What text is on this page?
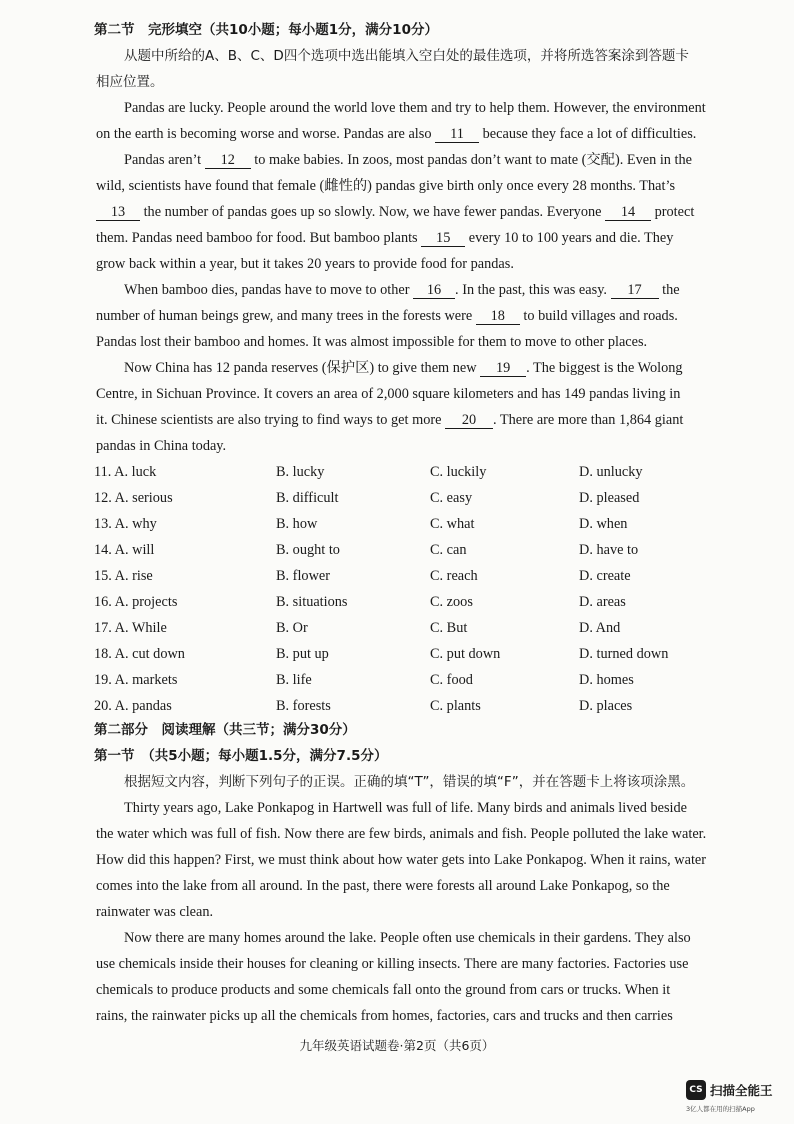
第二节　完形填空（共10小题；每小题1分，满分10分）
从题中所给的A、B、C、D四个选项中选出能填入空白处的最佳选项，并将所选答案涂到答题卡
相应位置。
Pandas are lucky. People around the world love them and try to help them. However, the environment
on the earth is becoming worse and worse. Pandas are also 11 because they face a lot of difficulties.
Pandas aren’t 12 to make babies. In zoos, most pandas don’t want to mate (交配). Even in the
wild, scientists have found that female (雌性的) pandas give birth only once every 28 months. That’s
13 the number of pandas goes up so slowly. Now, we have fewer pandas. Everyone 14 protect
them. Pandas need bamboo for food. But bamboo plants 15 every 10 to 100 years and die. They
grow back within a year, but it takes 20 years to provide food for pandas.
When bamboo dies, pandas have to move to other 16 . In the past, this was easy. 17 the
number of human beings grew, and many trees in the forests were 18 to build villages and roads.
Pandas lost their bamboo and homes. It was almost impossible for them to move to other places.
Now China has 12 panda reserves (保护区) to give them new 19 . The biggest is the Wolong
Centre, in Sichuan Province. It covers an area of 2,000 square kilometers and has 149 pandas living in
it. Chinese scientists are also trying to find ways to get more 20 . There are more than 1,864 giant
pandas in China today.
11. A. luck	B. lucky	C. luckily	D. unlucky
12. A. serious	B. difficult	C. easy	D. pleased
13. A. why	B. how	C. what	D. when
14. A. will	B. ought to	C. can	D. have to
15. A. rise	B. flower	C. reach	D. create
16. A. projects	B. situations	C. zoos	D. areas
17. A. While	B. Or	C. But	D. And
18. A. cut down	B. put up	C. put down	D. turned down
19. A. markets	B. life	C. food	D. homes
20. A. pandas	B. forests	C. plants	D. places
第二部分　阅读理解（共三节；满分30分）
第一节　（共5小题；每小题1.5分，满分7.5分）
根据短文内容，判断下列句子的正误。正确的填“T”，错误的填“F”，并在答题卡上将该项涂黑。
Thirty years ago, Lake Ponkapog in Hartwell was full of life. Many birds and animals lived beside
the water which was full of fish. Now there are few birds, animals and fish. People polluted the lake water.
How did this happen? First, we must think about how water gets into Lake Ponkapog. When it rains, water
comes into the lake from all around. In the past, there were forests all around Lake Ponkapog, so the
rainwater was clean.
Now there are many homes around the lake. People often use chemicals in their gardens. They also
use chemicals inside their houses for cleaning or killing insects. There are many factories. Factories use
chemicals to produce products and some chemicals fall onto the ground from cars or trucks. When it
rains, the rainwater picks up all the chemicals from homes, factories, cars and trucks and then carries
九年级英语试题卷·第2页（共6页）
CS 扫描全能王
3亿人都在用的扫描App
